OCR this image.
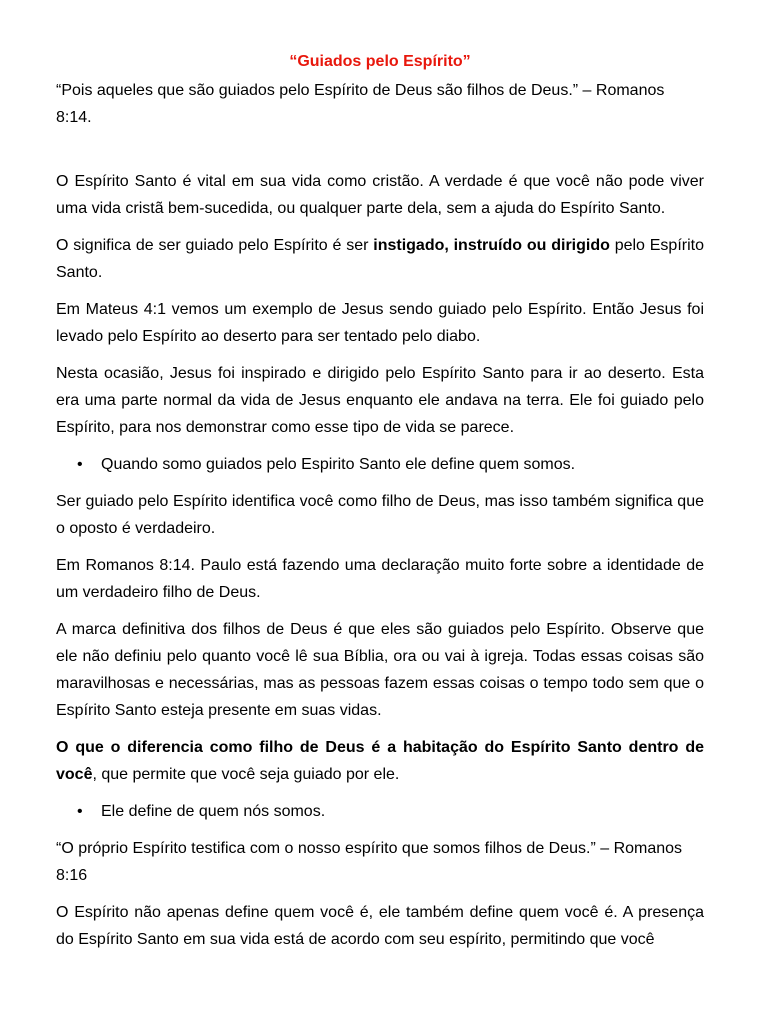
“Guiados pelo Espírito”

“Pois aqueles que são guiados pelo Espírito de Deus são filhos de Deus.” – Romanos 8:14.

O Espírito Santo é vital em sua vida como cristão. A verdade é que você não pode viver uma vida cristã bem-sucedida, ou qualquer parte dela, sem a ajuda do Espírito Santo.

O significa de ser guiado pelo Espírito é ser instigado, instruído ou dirigido pelo Espírito Santo.

Em Mateus 4:1 vemos um exemplo de Jesus sendo guiado pelo Espírito. Então Jesus foi levado pelo Espírito ao deserto para ser tentado pelo diabo.

Nesta ocasião, Jesus foi inspirado e dirigido pelo Espírito Santo para ir ao deserto. Esta era uma parte normal da vida de Jesus enquanto ele andava na terra. Ele foi guiado pelo Espírito, para nos demonstrar como esse tipo de vida se parece.

• Quando somo guiados pelo Espirito Santo ele define quem somos.

Ser guiado pelo Espírito identifica você como filho de Deus, mas isso também significa que o oposto é verdadeiro.

Em Romanos 8:14. Paulo está fazendo uma declaração muito forte sobre a identidade de um verdadeiro filho de Deus.

A marca definitiva dos filhos de Deus é que eles são guiados pelo Espírito. Observe que ele não definiu pelo quanto você lê sua Bíblia, ora ou vai à igreja. Todas essas coisas são maravilhosas e necessárias, mas as pessoas fazem essas coisas o tempo todo sem que o Espírito Santo esteja presente em suas vidas.

O que o diferencia como filho de Deus é a habitação do Espírito Santo dentro de você, que permite que você seja guiado por ele.

• Ele define de quem nós somos.

“O próprio Espírito testifica com o nosso espírito que somos filhos de Deus.” – Romanos 8:16

O Espírito não apenas define quem você é, ele também define quem você é. A presença do Espírito Santo em sua vida está de acordo com seu espírito, permitindo que você
